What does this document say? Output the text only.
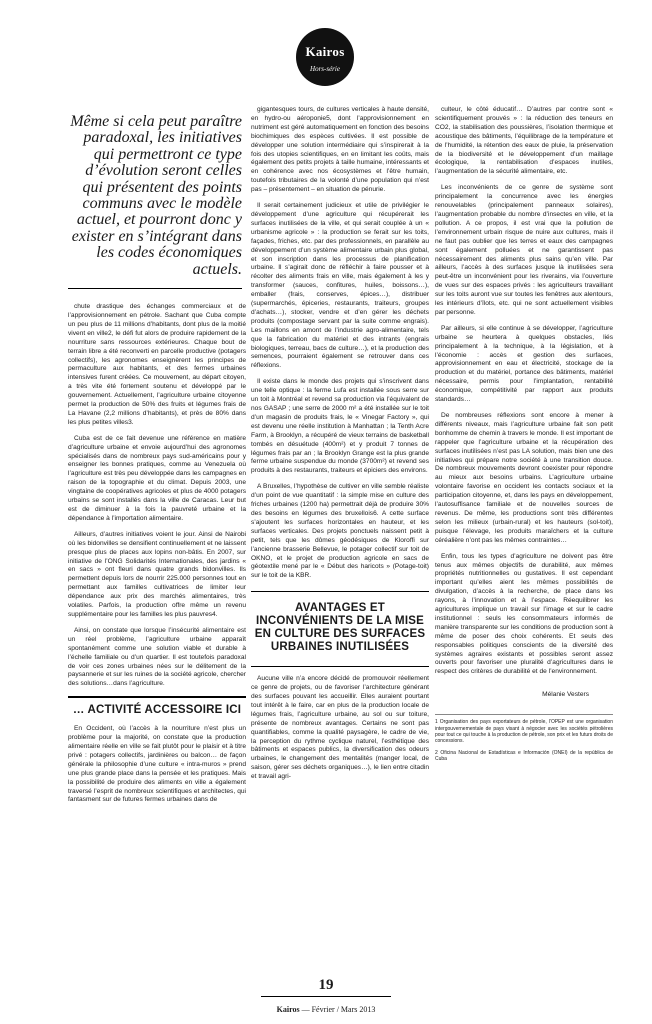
Kairos
Hors-série
Même si cela peut paraître paradoxal, les initiatives qui permettront ce type d’évolution seront celles qui présentent des points communs avec le modèle actuel, et pourront donc y exister en s’intégrant dans les codes économiques actuels.

chute drastique des échanges commerciaux et de l’approvisionnement en pétrole. Sachant que Cuba compte un peu plus de 11 millions d’habitants, dont plus de la moitié vivent en ville2, le défi fut alors de produire rapidement de la nourriture sans ressources extérieures. Chaque bout de terrain libre a été reconverti en parcelle productive (potagers collectifs), les agronomes enseignèrent les principes de permaculture aux habitants, et des fermes urbaines intensives furent créées. Ce mouvement, au départ citoyen, a très vite été fortement soutenu et développé par le gouvernement. Actuellement, l’agriculture urbaine citoyenne permet la production de 50% des fruits et légumes frais de La Havane (2,2 millions d’habitants), et près de 80% dans les plus petites villes3.

Cuba est de ce fait devenue une référence en matière d’agriculture urbaine et envoie aujourd’hui des agronomes spécialisés dans de nombreux pays sud-américains pour y enseigner les bonnes pratiques, comme au Venezuela où l’agriculture est très peu développée dans les campagnes en raison de la topographie et du climat. Depuis 2003, une vingtaine de coopératives agricoles et plus de 4000 potagers urbains se sont installés dans la ville de Caracas. Leur but est de diminuer à la fois la pauvreté urbaine et la dépendance à l’importation alimentaire.

Ailleurs, d’autres initiatives voient le jour. Ainsi de Nairobi où les bidonvilles se densifient continuellement et ne laissent presque plus de places aux lopins non-bâtis. En 2007, sur initiative de l’ONG Solidarités Internationales, des jardins « en sacs » ont fleuri dans quatre grands bidonvilles. Ils permettent depuis lors de nourrir 225.000 personnes tout en permettant aux familles cultivatrices de limiter leur dépendance aux prix des marchés alimentaires, très volatiles. Parfois, la production offre même un revenu supplémentaire pour les familles les plus pauvres4.

Ainsi, on constate que lorsque l’insécurité alimentaire est un réel problème, l’agriculture urbaine apparaît spontanément comme une solution viable et durable à l’échelle familiale ou d’un quartier. Il est toutefois paradoxal de voir ces zones urbaines nées sur le délitement de la paysannerie et sur les ruines de la société agricole, chercher des solutions…dans l’agriculture.

… ACTIVITÉ ACCESSOIRE ICI

En Occident, où l’accès à la nourriture n’est plus un problème pour la majorité, on constate que la production alimentaire réelle en ville se fait plutôt pour le plaisir et à titre privé : potagers collectifs, jardinières ou balcon… de façon générale la philosophie d’une culture « intra-muros » prend une plus grande place dans la pensée et les pratiques. Mais la possibilité de produire des aliments en ville a également traversé l’esprit de nombreux scientifiques et architectes, qui fantasment sur de futures fermes urbaines dans de

gigantesques tours, de cultures verticales à haute densité, en hydro-ou aéroponie5, dont l’approvisionnement en nutriment est géré automatiquement en fonction des besoins biochimiques des espèces cultivées. Il est possible de développer une solution intermédiaire qui s’inspirerait à la fois des utopies scientifiques, en en limitant les coûts, mais également des petits projets à taille humaine, intéressants et en cohérence avec nos écosystèmes et l’être humain, toutefois tributaires de la volonté d’une population qui n’est pas – présentement – en situation de pénurie.

Il serait certainement judicieux et utile de privilégier le développement d’une agriculture qui récupérerait les surfaces inutilisées de la ville, et qui serait couplée à un « urbanisme agricole » : la production se ferait sur les toits, façades, friches, etc. par des professionnels, en parallèle au développement d’un système alimentaire urbain plus global, et son inscription dans les processus de planification urbaine. Il s’agirait donc de réfléchir à faire pousser et à récolter des aliments frais en ville, mais également à les y transformer (sauces, confitures, huiles, boissons…), emballer (frais, conserves, épices…), distribuer (supermarchés, épiceries, restaurants, traiteurs, groupes d’achats…), stocker, vendre et d’en gérer les déchets produits (compostage servant par la suite comme engrais). Les maillons en amont de l’industrie agro-alimentaire, tels que la fabrication du matériel et des intrants (engrais biologiques, terreau, bacs de culture…), et la production des semences, pourraient également se retrouver dans ces réflexions.

Il existe dans le monde des projets qui s’inscrivent dans une telle optique : la ferme Lufa est installée sous serre sur un toit à Montréal et revend sa production via l’équivalent de nos GASAP ; une serre de 2000 m² a été installée sur le toit d’un magasin de produits frais, le « Vinegar Factory », qui est devenu une réelle institution à Manhattan ; la Tenth Acre Farm, à Brooklyn, a récupéré de vieux terrains de basketball tombés en désuétude (400m²) et y produit 7 tonnes de légumes frais par an ; la Brooklyn Grange est la plus grande ferme urbaine suspendue du monde (3700m²) et revend ses produits à des restaurants, traiteurs et épiciers des environs.

A Bruxelles, l’hypothèse de cultiver en ville semble réaliste d’un point de vue quantitatif : la simple mise en culture des friches urbaines (1200 ha) permettrait déjà de produire 30% des besoins en légumes des bruxellois6. A cette surface s’ajoutent les surfaces horizontales en hauteur, et les surfaces verticales. Des projets ponctuels naissent petit à petit, tels que les dômes géodésiques de Kloroffi sur l’ancienne brasserie Bellevue, le potager collectif sur toit de OKNO, et le projet de production agricole en sacs de géotextile mené par le « Début des haricots » (Potage-toit) sur le toit de la KBR.

AVANTAGES ET INCONVÉNIENTS DE LA MISE EN CULTURE DES SURFACES URBAINES INUTILISÉES

Aucune ville n’a encore décidé de promouvoir réellement ce genre de projets, ou de favoriser l’architecture générant des surfaces pouvant les accueillir. Elles auraient pourtant tout intérêt à le faire, car en plus de la production locale de légumes frais, l’agriculture urbaine, au sol ou sur toiture, présente de nombreux avantages. Certains ne sont pas quantifiables, comme la qualité paysagère, le cadre de vie, la perception du rythme cyclique naturel, l’esthétique des bâtiments et espaces publics, la diversification des odeurs urbaines, le changement des mentalités (manger local, de saison, gérer ses déchets organiques…), le lien entre citadin et travail agri-

culteur, le côté éducatif… D’autres par contre sont « scientifiquement prouvés » : la réduction des teneurs en CO2, la stabilisation des poussières, l’isolation thermique et acoustique des bâtiments, l’équilibrage de la température et de l’humidité, la rétention des eaux de pluie, la préservation de la biodiversité et le développement d’un maillage écologique, la rentabilisation d’espaces inutiles, l’augmentation de la sécurité alimentaire, etc.

Les inconvénients de ce genre de système sont principalement la concurrence avec les énergies renouvelables (principalement panneaux solaires), l’augmentation probable du nombre d’insectes en ville, et la pollution. A ce propos, il est vrai que la pollution de l’environnement urbain risque de nuire aux cultures, mais il ne faut pas oublier que les terres et eaux des campagnes sont également polluées et ne garantissent pas nécessairement des aliments plus sains qu’en ville. Par ailleurs, l’accès à des surfaces jusque là inutilisées sera peut-être un inconvénient pour les riverains, via l’ouverture de vues sur des espaces privés : les agriculteurs travaillant sur les toits auront vue sur toutes les fenêtres aux alentours, les intérieurs d’îlots, etc. qui ne sont actuellement visibles par personne.

Par ailleurs, si elle continue à se développer, l’agriculture urbaine se heurtera à quelques obstacles, liés principalement à la technique, à la législation, et à l’économie : accès et gestion des surfaces, approvisionnement en eau et électricité, stockage de la production et du matériel, portance des bâtiments, matériel nécessaire, permis pour l’implantation, rentabilité économique, compétitivité par rapport aux produits standards…

De nombreuses réflexions sont encore à mener à différents niveaux, mais l’agriculture urbaine fait son petit bonhomme de chemin à travers le monde. Il est important de rappeler que l’agriculture urbaine et la récupération des surfaces inutilisées n’est pas LA solution, mais bien une des initiatives qui prépare notre société à une transition douce. De nombreux mouvements devront coexister pour répondre au mieux aux besoins urbains. L’agriculture urbaine volontaire favorise en occident les contacts sociaux et la participation citoyenne, et, dans les pays en développement, l’autosuffisance familiale et de nouvelles sources de revenus. De même, les productions sont très différentes selon les milieux (urbain-rural) et les hauteurs (sol-toit), puisque l’élevage, les produits maraîchers et la culture céréalière n’ont pas les mêmes contraintes…

Enfin, tous les types d’agriculture ne doivent pas être tenus aux mêmes objectifs de durabilité, aux mêmes propriétés nutritionnelles ou gustatives. Il est cependant important qu’elles aient les mêmes possibilités de divulgation, d’accès à la recherche, de place dans les rayons, à l’innovation et à l’espace. Réequilibrer les agricultures implique un travail sur l’image et sur le cadre institutionnel : seuls les consommateurs informés de manière transparente sur les conditions de production sont à même de poser des choix cohérents. Et seuls des responsables politiques conscients de la diversité des systèmes agraires existants et possibles seront assez ouverts pour favoriser une pluralité d’agricultures dans le respect des critères de durabilité et de l’environnement.

Mélanie Vesters

1 Organisation des pays exportateurs de pétrole, l’OPEP est une organisation intergouvernementale de pays visant à négocier avec les sociétés pétrolières pour tout ce qui touche à la production de pétrole, son prix et les futurs droits de concessions.

2 Oficina Nacional de Estadísticas e Información (ONEI) de la república de Cuba

19
Kairos — Février / Mars 2013
